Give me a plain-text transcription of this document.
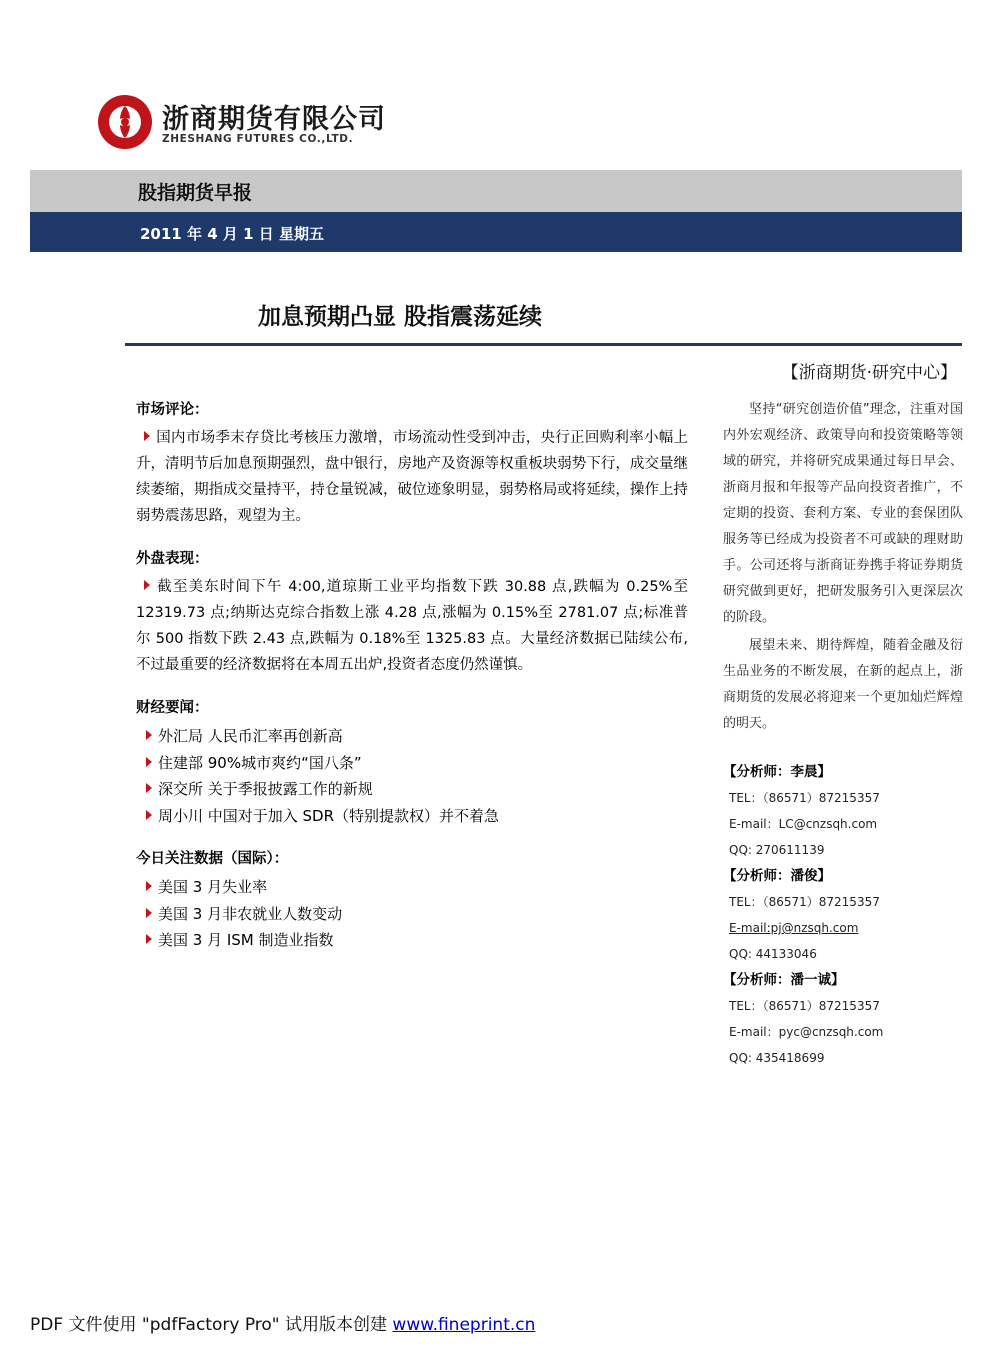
浙商期货有限公司
ZHESHANG FUTURES CO.,LTD.
股指期货早报
2011 年 4 月 1 日 星期五
加息预期凸显 股指震荡延续
市场评论：
国内市场季末存贷比考核压力激增，市场流动性受到冲击，央行正回购利率小幅上升，清明节后加息预期强烈，盘中银行，房地产及资源等权重板块弱势下行，成交量继续萎缩，期指成交量持平，持仓量锐减，破位迹象明显，弱势格局或将延续，操作上持弱势震荡思路，观望为主。
外盘表现：
截至美东时间下午 4:00,道琼斯工业平均指数下跌 30.88 点,跌幅为 0.25%至 12319.73 点;纳斯达克综合指数上涨 4.28 点,涨幅为 0.15%至 2781.07 点;标准普尔 500 指数下跌 2.43 点,跌幅为 0.18%至 1325.83 点。大量经济数据已陆续公布,不过最重要的经济数据将在本周五出炉,投资者态度仍然谨慎。
财经要闻：
外汇局 人民币汇率再创新高
住建部 90%城市爽约“国八条”
深交所 关于季报披露工作的新规
周小川 中国对于加入 SDR（特别提款权）并不着急
今日关注数据（国际）：
美国 3 月失业率
美国 3 月非农就业人数变动
美国 3 月 ISM 制造业指数
【浙商期货·研究中心】
坚持“研究创造价值”理念，注重对国内外宏观经济、政策导向和投资策略等领域的研究，并将研究成果通过每日早会、浙商月报和年报等产品向投资者推广，不定期的投资、套利方案、专业的套保团队服务等已经成为投资者不可或缺的理财助手。公司还将与浙商证券携手将证券期货研究做到更好，把研发服务引入更深层次的阶段。
展望未来、期待辉煌，随着金融及衍生品业务的不断发展，在新的起点上，浙商期货的发展必将迎来一个更加灿烂辉煌的明天。
【分析师：李晨】
TEL：（86571）87215357
E-mail：LC@cnzsqh.com
QQ: 270611139
【分析师：潘俊】
TEL：（86571）87215357
E-mail:pj@nzsqh.com
QQ: 44133046
【分析师：潘一诚】
TEL：（86571）87215357
E-mail：pyc@cnzsqh.com
QQ: 435418699
PDF 文件使用 "pdfFactory Pro" 试用版本创建 www.fineprint.cn
